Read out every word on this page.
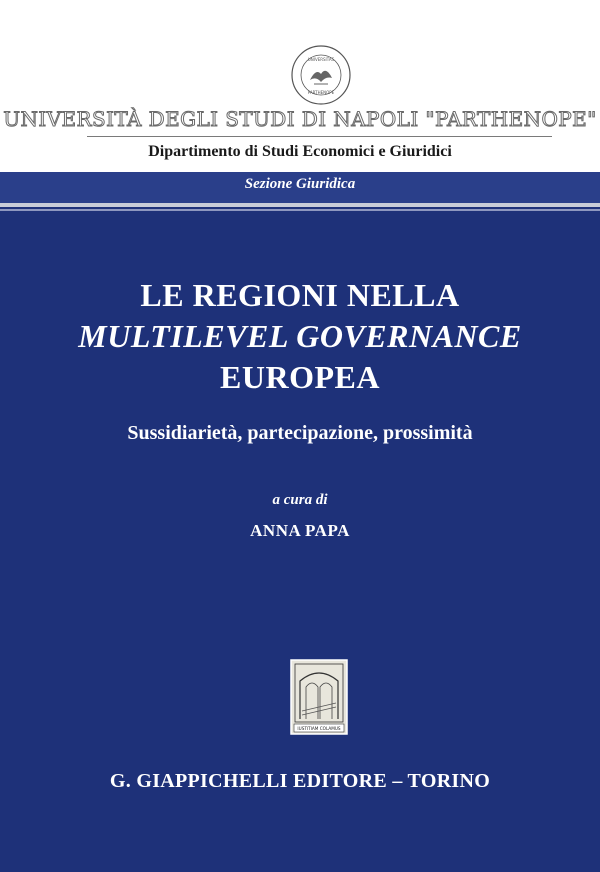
UNIVERSITAS
PARTHENOPE
UNIVERSITÀ DEGLI STUDI DI NAPOLI "PARTHENOPE"
Dipartimento di Studi Economici e Giuridici
Sezione Giuridica
LE REGIONI NELLA
MULTILEVEL GOVERNANCE
EUROPEA
Sussidiarietà, partecipazione, prossimità
a cura di
ANNA PAPA
IUSTITIAM COLAMUS
G. GIAPPICHELLI EDITORE – TORINO
